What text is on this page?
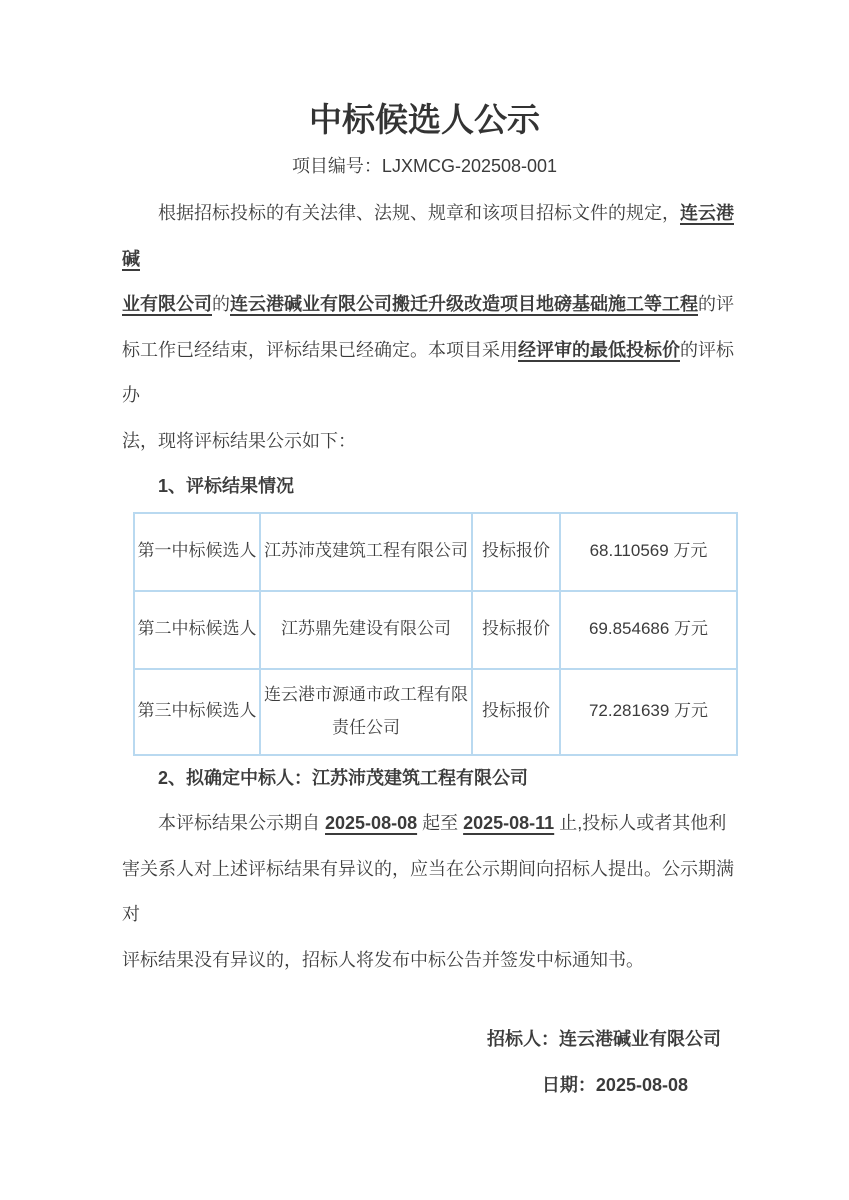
中标候选人公示
项目编号：LJXMCG-202508-001
根据招标投标的有关法律、法规、规章和该项目招标文件的规定，连云港碱
业有限公司的连云港碱业有限公司搬迁升级改造项目地磅基础施工等工程的评
标工作已经结束，评标结果已经确定。本项目采用经评审的最低投标价的评标办
法，现将评标结果公示如下：
1、评标结果情况
第一中标候选人	江苏沛茂建筑工程有限公司	投标报价	68.110569 万元
第二中标候选人	江苏鼎先建设有限公司	投标报价	69.854686 万元
第三中标候选人	连云港市源通市政工程有限责任公司	投标报价	72.281639 万元
2、拟确定中标人：江苏沛茂建筑工程有限公司
本评标结果公示期自 2025-08-08 起至 2025-08-11 止,投标人或者其他利
害关系人对上述评标结果有异议的，应当在公示期间向招标人提出。公示期满对
评标结果没有异议的，招标人将发布中标公告并签发中标通知书。
招标人：连云港碱业有限公司
日期：2025-08-08
